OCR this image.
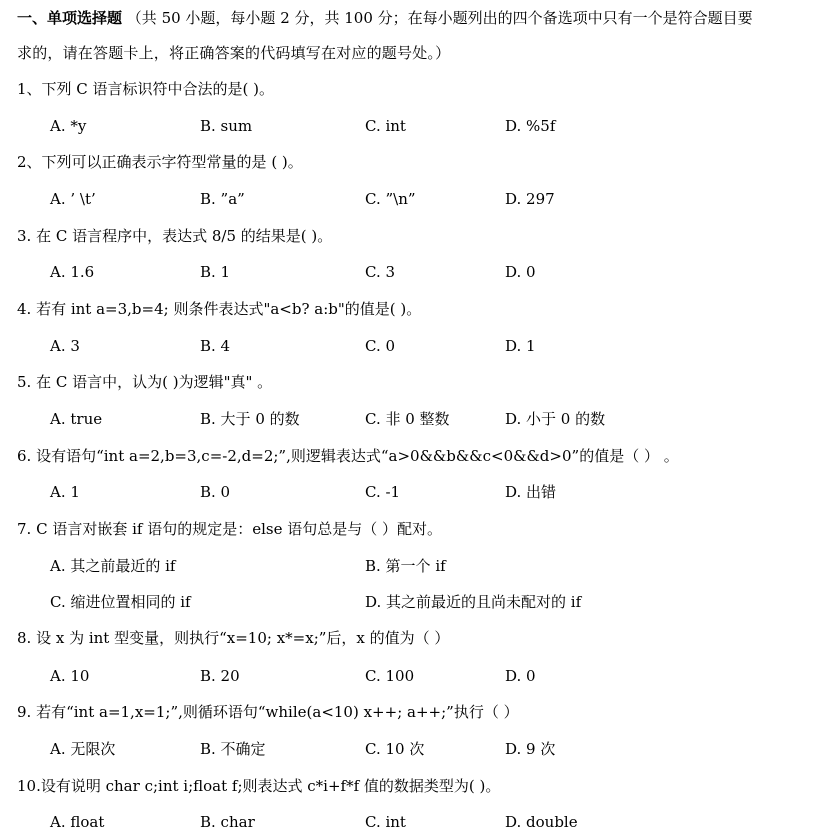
一、单项选择题 （共 50 小题，每小题 2 分，共 100 分；在每小题列出的四个备选项中只有一个是符合题目要
求的，请在答题卡上，将正确答案的代码填写在对应的题号处。）
1、下列 C 语言标识符中合法的是( )。
A. *y	B. sum	C. int	D. %5f
2、下列可以正确表示字符型常量的是 ( )。
A. ’ \t’	B. ”a”	C. ”\n”	D. 297
3. 在 C 语言程序中，表达式 8/5 的结果是( )。
A. 1.6	B. 1	C. 3	D. 0
4. 若有 int a=3,b=4; 则条件表达式"a<b? a:b"的值是( )。
A. 3	B. 4	C. 0	D. 1
5. 在 C 语言中，认为( )为逻辑"真" 。
A. true	B. 大于 0 的数	C. 非 0 整数	D. 小于 0 的数
6. 设有语句“int a=2,b=3,c=-2,d=2;”,则逻辑表达式“a>0&&b&&c<0&&d>0”的值是（ ） 。
A. 1	B. 0	C. -1	D. 出错
7. C 语言对嵌套 if 语句的规定是：else 语句总是与（ ）配对。
A. 其之前最近的 if	B. 第一个 if
C. 缩进位置相同的 if	D. 其之前最近的且尚未配对的 if
8. 设 x 为 int 型变量，则执行“x=10; x*=x;”后，x 的值为（ ）
A. 10	B. 20	C. 100	D. 0
9. 若有“int a=1,x=1;”,则循环语句“while(a<10) x++; a++;”执行（ ）
A. 无限次	B. 不确定	C. 10 次	D. 9 次
10.设有说明 char c;int i;float f;则表达式 c*i+f*f 值的数据类型为( )。
A. float	B. char	C. int	D. double
